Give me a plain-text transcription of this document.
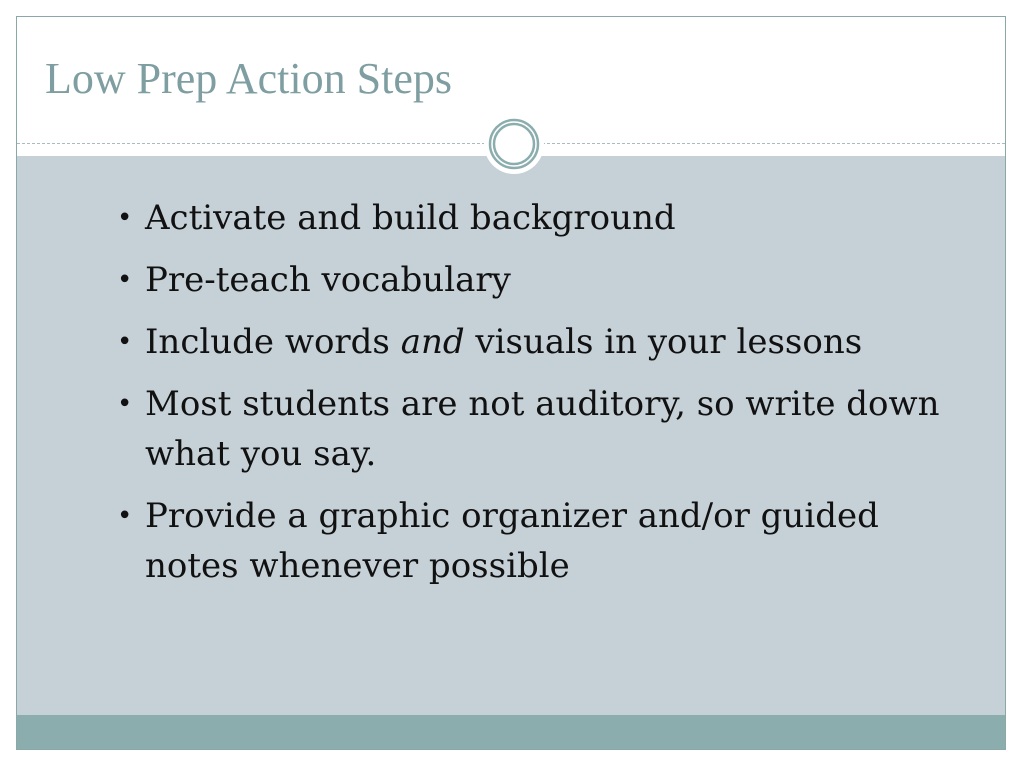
Low Prep Action Steps
• Activate and build background
• Pre-teach vocabulary
• Include words and visuals in your lessons
• Most students are not auditory, so write down what you say.
• Provide a graphic organizer and/or guided notes whenever possible
